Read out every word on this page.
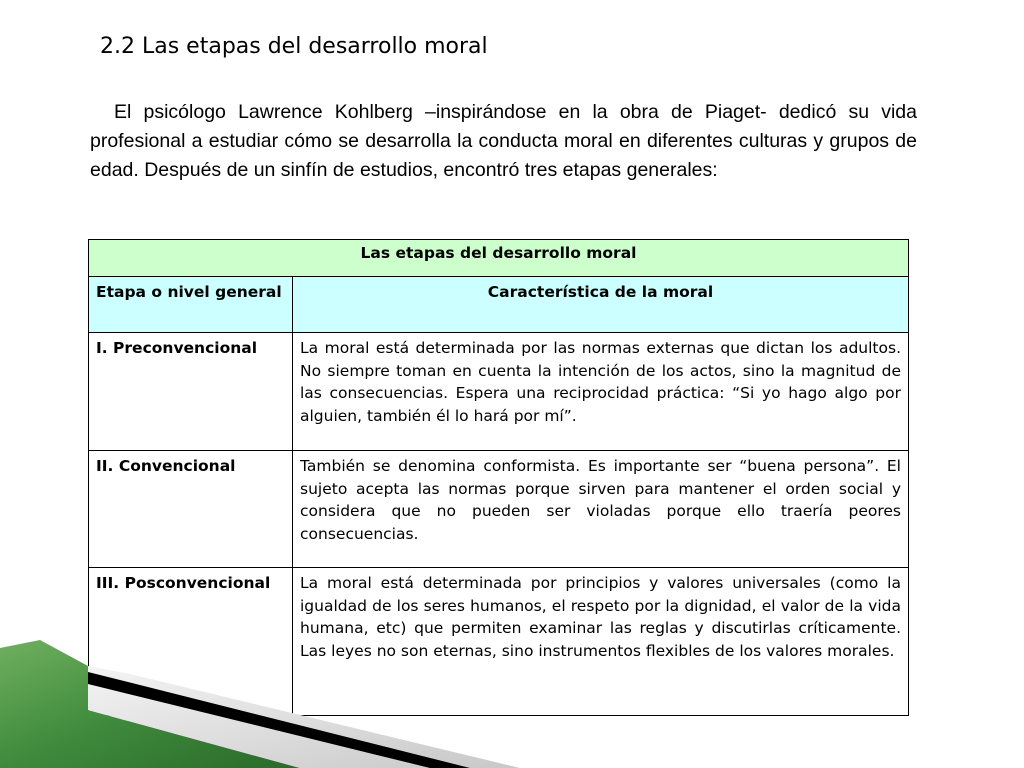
2.2 Las etapas del desarrollo moral

El psicólogo Lawrence Kohlberg –inspirándose en la obra de Piaget- dedicó su vida profesional a estudiar cómo se desarrolla la conducta moral en diferentes culturas y grupos de edad. Después de un sinfín de estudios, encontró tres etapas generales:

Las etapas del desarrollo moral	
Etapa o nivel general	Característica de la moral
I. Preconvencional	La moral está determinada por las normas externas que dictan los adultos. No siempre toman en cuenta la intención de los actos, sino la magnitud de las consecuencias. Espera una reciprocidad práctica: “Si yo hago algo por alguien, también él lo hará por mí”.
II. Convencional	También se denomina conformista. Es importante ser “buena persona”. El sujeto acepta las normas porque sirven para mantener el orden social y considera que no pueden ser violadas porque ello traería peores consecuencias.
III. Posconvencional	La moral está determinada por principios y valores universales (como la igualdad de los seres humanos, el respeto por la dignidad, el valor de la vida humana, etc) que permiten examinar las reglas y discutirlas críticamente. Las leyes no son eternas, sino instrumentos flexibles de los valores morales.
